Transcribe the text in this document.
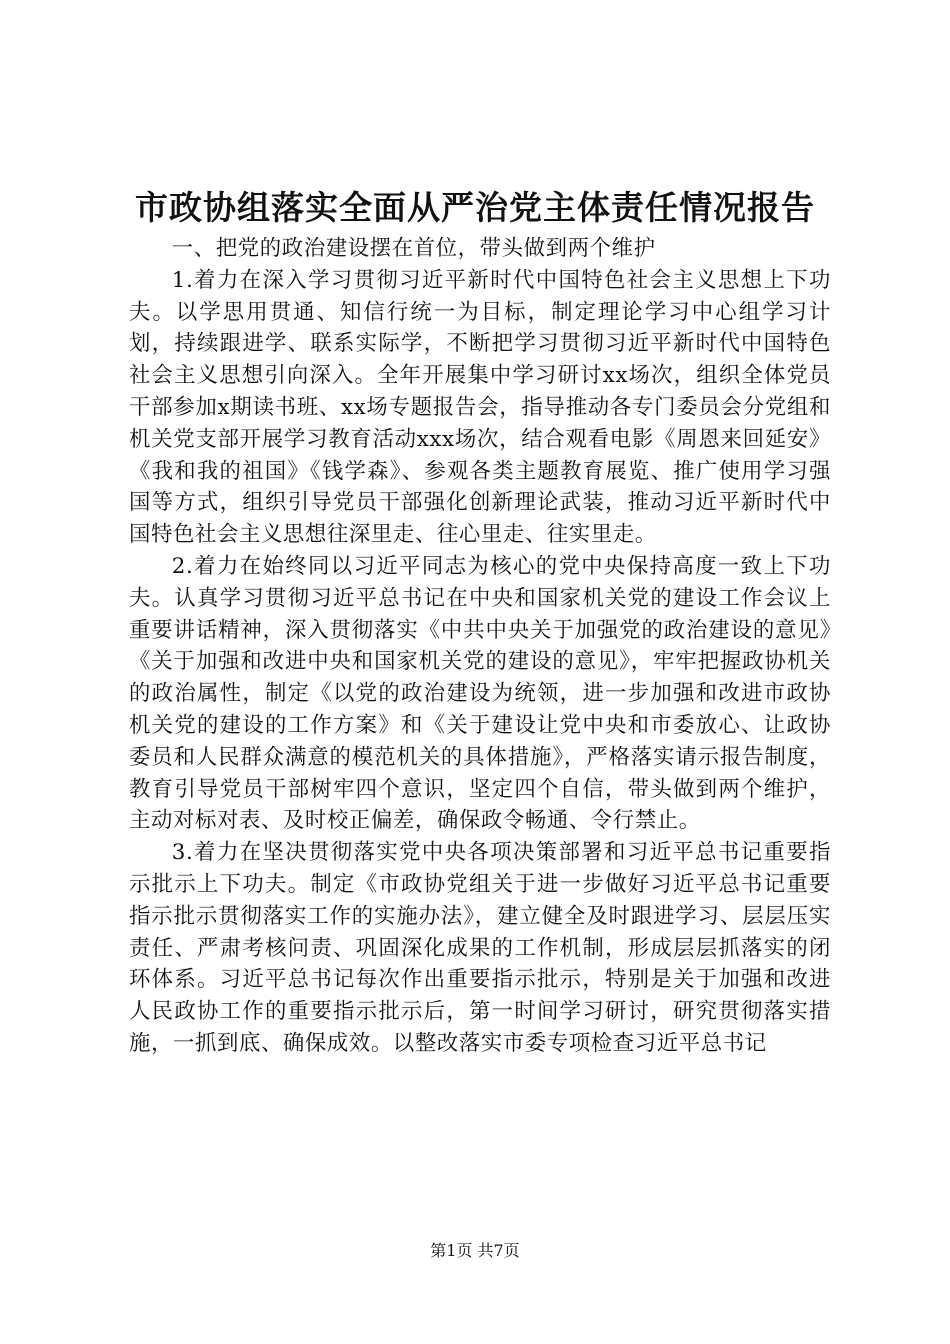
市政协组落实全面从严治党主体责任情况报告

一、把党的政治建设摆在首位，带头做到两个维护

1.着力在深入学习贯彻习近平新时代中国特色社会主义思想上下功夫。以学思用贯通、知信行统一为目标，制定理论学习中心组学习计划，持续跟进学、联系实际学，不断把学习贯彻习近平新时代中国特色社会主义思想引向深入。全年开展集中学习研讨xx场次，组织全体党员干部参加x期读书班、xx场专题报告会，指导推动各专门委员会分党组和机关党支部开展学习教育活动xxx场次，结合观看电影《周恩来回延安》《我和我的祖国》《钱学森》、参观各类主题教育展览、推广使用学习强国等方式，组织引导党员干部强化创新理论武装，推动习近平新时代中国特色社会主义思想往深里走、往心里走、往实里走。

2.着力在始终同以习近平同志为核心的党中央保持高度一致上下功夫。认真学习贯彻习近平总书记在中央和国家机关党的建设工作会议上重要讲话精神，深入贯彻落实《中共中央关于加强党的政治建设的意见》《关于加强和改进中央和国家机关党的建设的意见》，牢牢把握政协机关的政治属性，制定《以党的政治建设为统领，进一步加强和改进市政协机关党的建设的工作方案》和《关于建设让党中央和市委放心、让政协委员和人民群众满意的模范机关的具体措施》，严格落实请示报告制度，教育引导党员干部树牢四个意识，坚定四个自信，带头做到两个维护，主动对标对表、及时校正偏差，确保政令畅通、令行禁止。

3.着力在坚决贯彻落实党中央各项决策部署和习近平总书记重要指示批示上下功夫。制定《市政协党组关于进一步做好习近平总书记重要指示批示贯彻落实工作的实施办法》，建立健全及时跟进学习、层层压实责任、严肃考核问责、巩固深化成果的工作机制，形成层层抓落实的闭环体系。习近平总书记每次作出重要指示批示，特别是关于加强和改进人民政协工作的重要指示批示后，第一时间学习研讨，研究贯彻落实措施，一抓到底、确保成效。以整改落实市委专项检查习近平总书记

第1页 共7页
